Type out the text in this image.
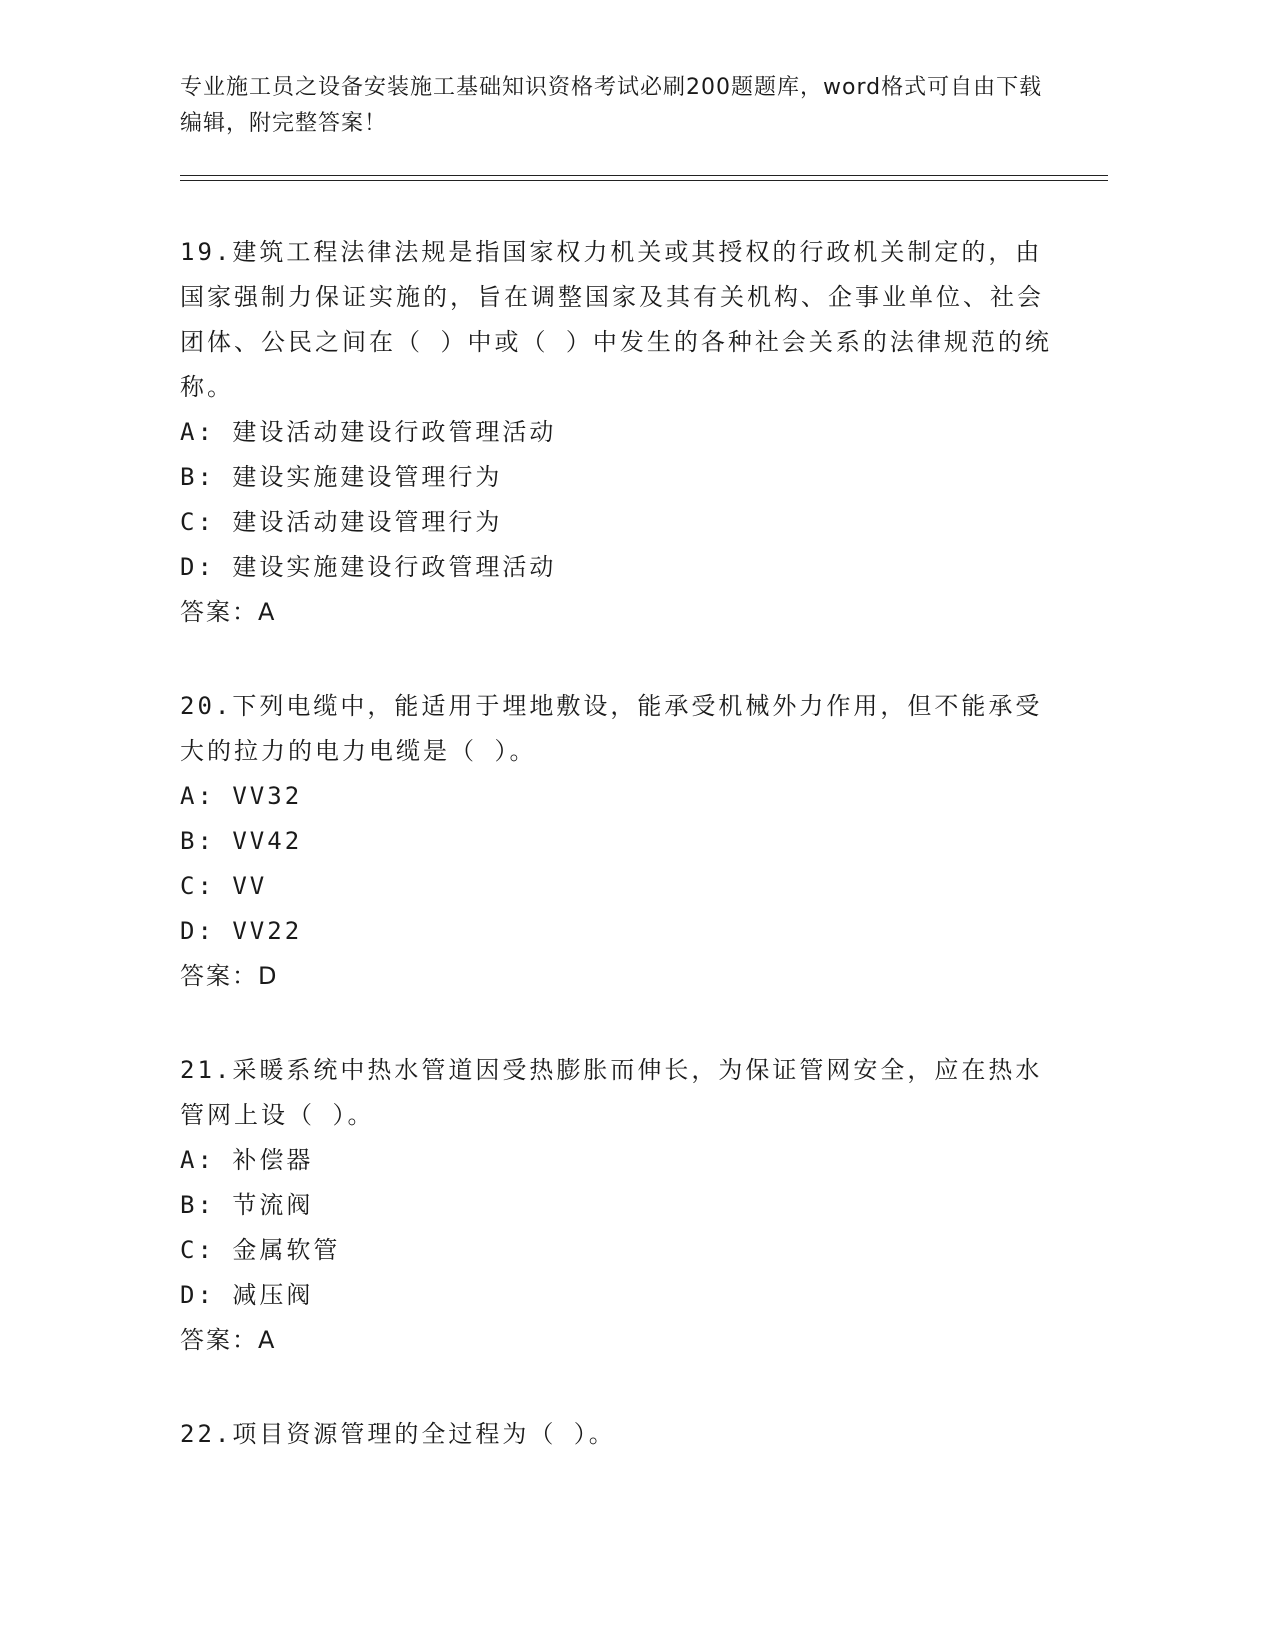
专业施工员之设备安装施工基础知识资格考试必刷200题题库，word格式可自由下载编辑，附完整答案！

19.建筑工程法律法规是指国家权力机关或其授权的行政机关制定的，由国家强制力保证实施的，旨在调整国家及其有关机构、企事业单位、社会团体、公民之间在（ ）中或（ ）中发生的各种社会关系的法律规范的统称。

A: 建设活动建设行政管理活动

B: 建设实施建设管理行为

C: 建设活动建设管理行为

D: 建设实施建设行政管理活动

答案：A

20.下列电缆中，能适用于埋地敷设，能承受机械外力作用，但不能承受大的拉力的电力电缆是（ ）。

A: VV32

B: VV42

C: VV

D: VV22

答案：D

21.采暖系统中热水管道因受热膨胀而伸长，为保证管网安全，应在热水管网上设（ ）。

A: 补偿器

B: 节流阀

C: 金属软管

D: 减压阀

答案：A

22.项目资源管理的全过程为（ ）。
